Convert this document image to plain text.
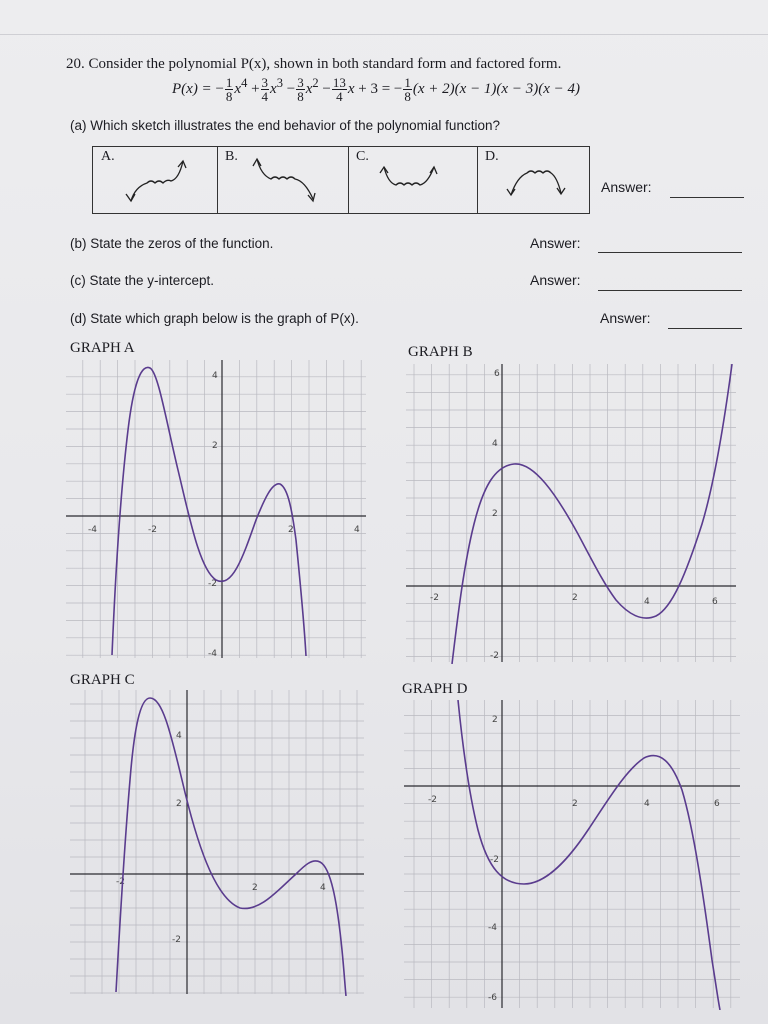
20. Consider the polynomial P(x), shown in both standard form and factored form.
P(x) = − $\frac{1}{8} x^4 + \frac{3}{4} x^3 - \frac{3}{8} x^2 - \frac{13}{4}$ x + 3 = − $\frac{1}{8} (x + 2)(x - 1)(x - 3)(x - 4)$
(a) Which sketch illustrates the end behavior of the polynomial function?
A.	B.	C.	D.
Answer:
(b) State the zeros of the function.	Answer:
(c) State the y-intercept.	Answer:
(d) State which graph below is the graph of P(x).	Answer:
GRAPH A	GRAPH B
GRAPH C
GRAPH D
-4	-2	2	4
4
2
-2
-4
-2	2	4	6
6
4
2
-2
-2
2	4
4
2
-2
-2	2	4	6
2
-2
-4
-6
